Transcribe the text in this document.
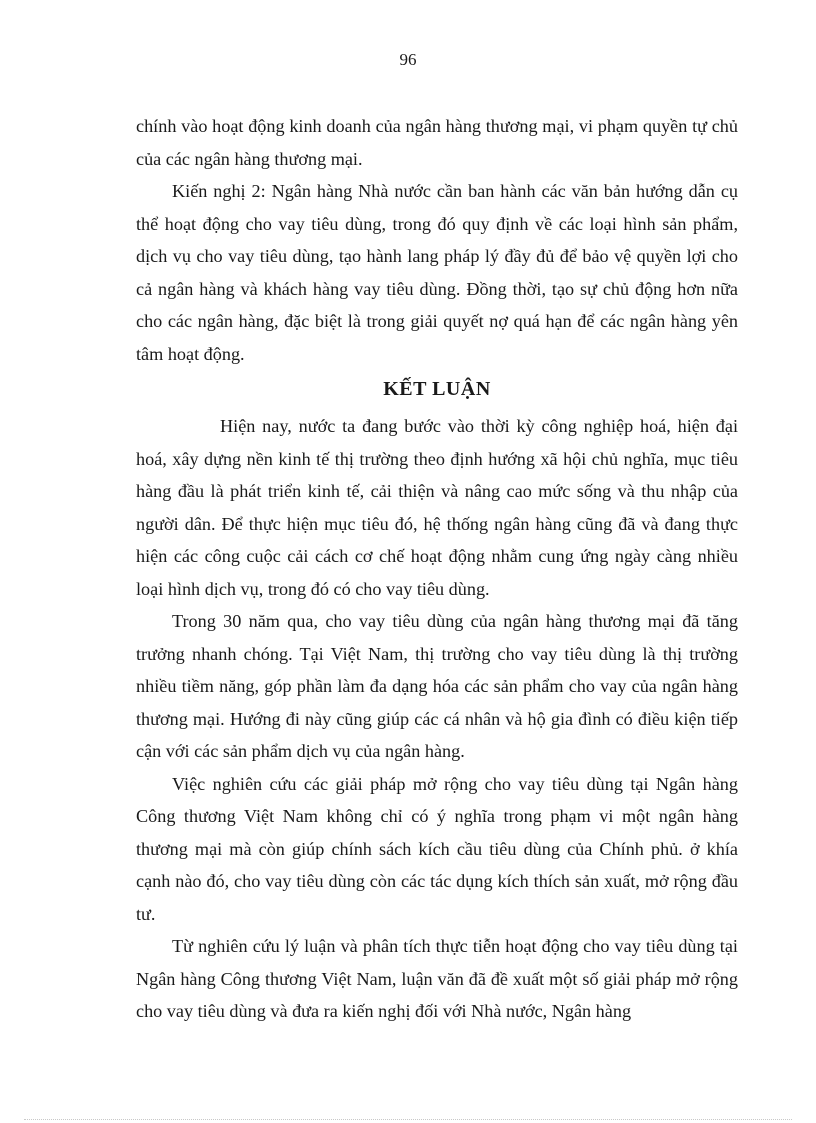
96

chính vào hoạt động kinh doanh của ngân hàng thương mại, vi phạm quyền tự chủ của các ngân hàng thương mại.

Kiến nghị 2: Ngân hàng Nhà nước cần ban hành các văn bản hướng dẫn cụ thể hoạt động cho vay tiêu dùng, trong đó quy định về các loại hình sản phẩm, dịch vụ cho vay tiêu dùng, tạo hành lang pháp lý đầy đủ để bảo vệ quyền lợi cho cả ngân hàng và khách hàng vay tiêu dùng. Đồng thời, tạo sự chủ động hơn nữa cho các ngân hàng, đặc biệt là trong giải quyết nợ quá hạn để các ngân hàng yên tâm hoạt động.

KẾT LUẬN

Hiện nay, nước ta đang bước vào thời kỳ công nghiệp hoá, hiện đại hoá, xây dựng nền kinh tế thị trường theo định hướng xã hội chủ nghĩa, mục tiêu hàng đầu là phát triển kinh tế, cải thiện và nâng cao mức sống và thu nhập của người dân. Để thực hiện mục tiêu đó, hệ thống ngân hàng cũng đã và đang thực hiện các công cuộc cải cách cơ chế hoạt động nhằm cung ứng ngày càng nhiều loại hình dịch vụ, trong đó có cho vay tiêu dùng.

Trong 30 năm qua, cho vay tiêu dùng của ngân hàng thương mại đã tăng trưởng nhanh chóng. Tại Việt Nam, thị trường cho vay tiêu dùng là thị trường nhiều tiềm năng, góp phần làm đa dạng hóa các sản phẩm cho vay của ngân hàng thương mại. Hướng đi này cũng giúp các cá nhân và hộ gia đình có điều kiện tiếp cận với các sản phẩm dịch vụ của ngân hàng.

Việc nghiên cứu các giải pháp mở rộng cho vay tiêu dùng tại Ngân hàng Công thương Việt Nam không chỉ có ý nghĩa trong phạm vi một ngân hàng thương mại mà còn giúp chính sách kích cầu tiêu dùng của Chính phủ. ở khía cạnh nào đó, cho vay tiêu dùng còn các tác dụng kích thích sản xuất, mở rộng đầu tư.

Từ nghiên cứu lý luận và phân tích thực tiễn hoạt động cho vay tiêu dùng tại Ngân hàng Công thương Việt Nam, luận văn đã đề xuất một số giải pháp mở rộng cho vay tiêu dùng và đưa ra kiến nghị đối với Nhà nước, Ngân hàng
